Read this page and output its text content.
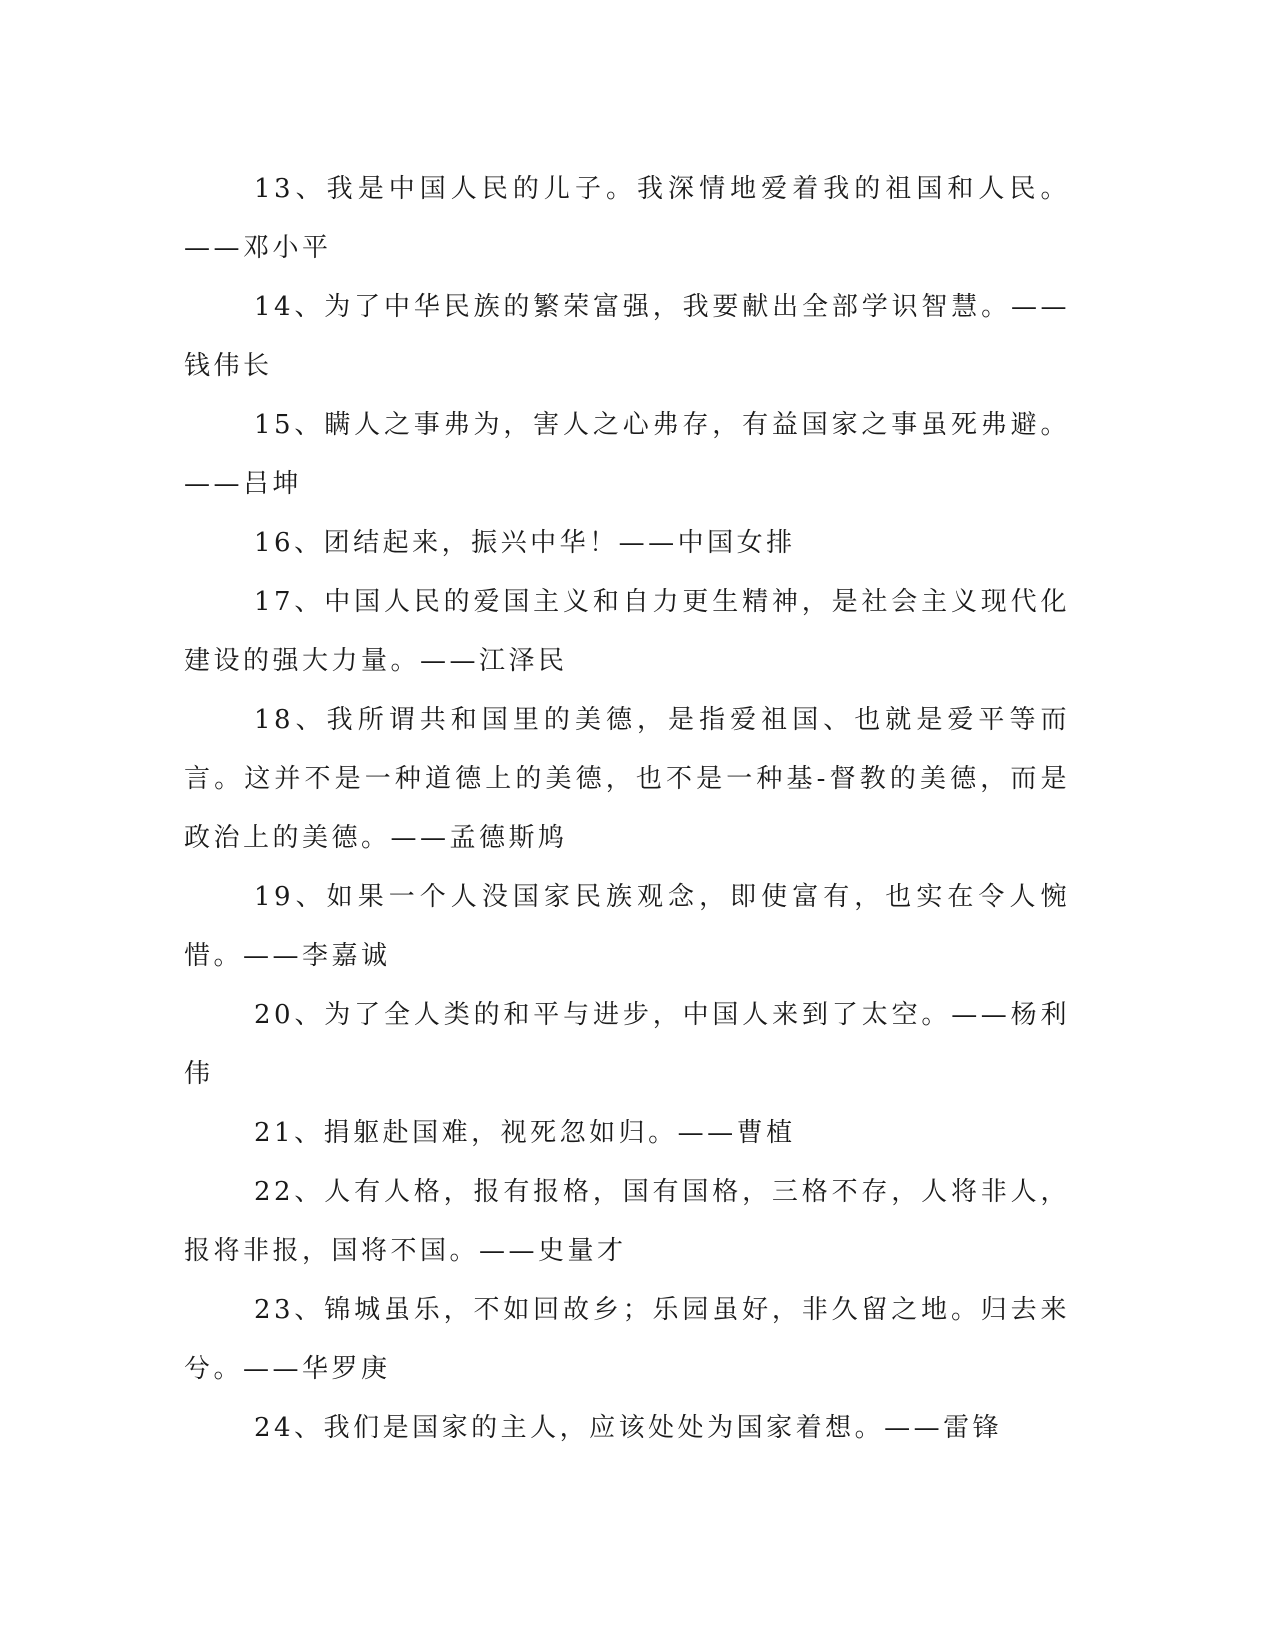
13、我是中国人民的儿子。我深情地爱着我的祖国和人民。——邓小平

14、为了中华民族的繁荣富强，我要献出全部学识智慧。——钱伟长

15、瞒人之事弗为，害人之心弗存，有益国家之事虽死弗避。——吕坤

16、团结起来，振兴中华！——中国女排

17、中国人民的爱国主义和自力更生精神，是社会主义现代化建设的强大力量。——江泽民

18、我所谓共和国里的美德，是指爱祖国、也就是爱平等而言。这并不是一种道德上的美德，也不是一种基-督教的美德，而是政治上的美德。——孟德斯鸠

19、如果一个人没国家民族观念，即使富有，也实在令人惋惜。——李嘉诚

20、为了全人类的和平与进步，中国人来到了太空。——杨利伟

21、捐躯赴国难，视死忽如归。——曹植

22、人有人格，报有报格，国有国格，三格不存，人将非人，报将非报，国将不国。——史量才

23、锦城虽乐，不如回故乡；乐园虽好，非久留之地。归去来兮。——华罗庚

24、我们是国家的主人，应该处处为国家着想。——雷锋
